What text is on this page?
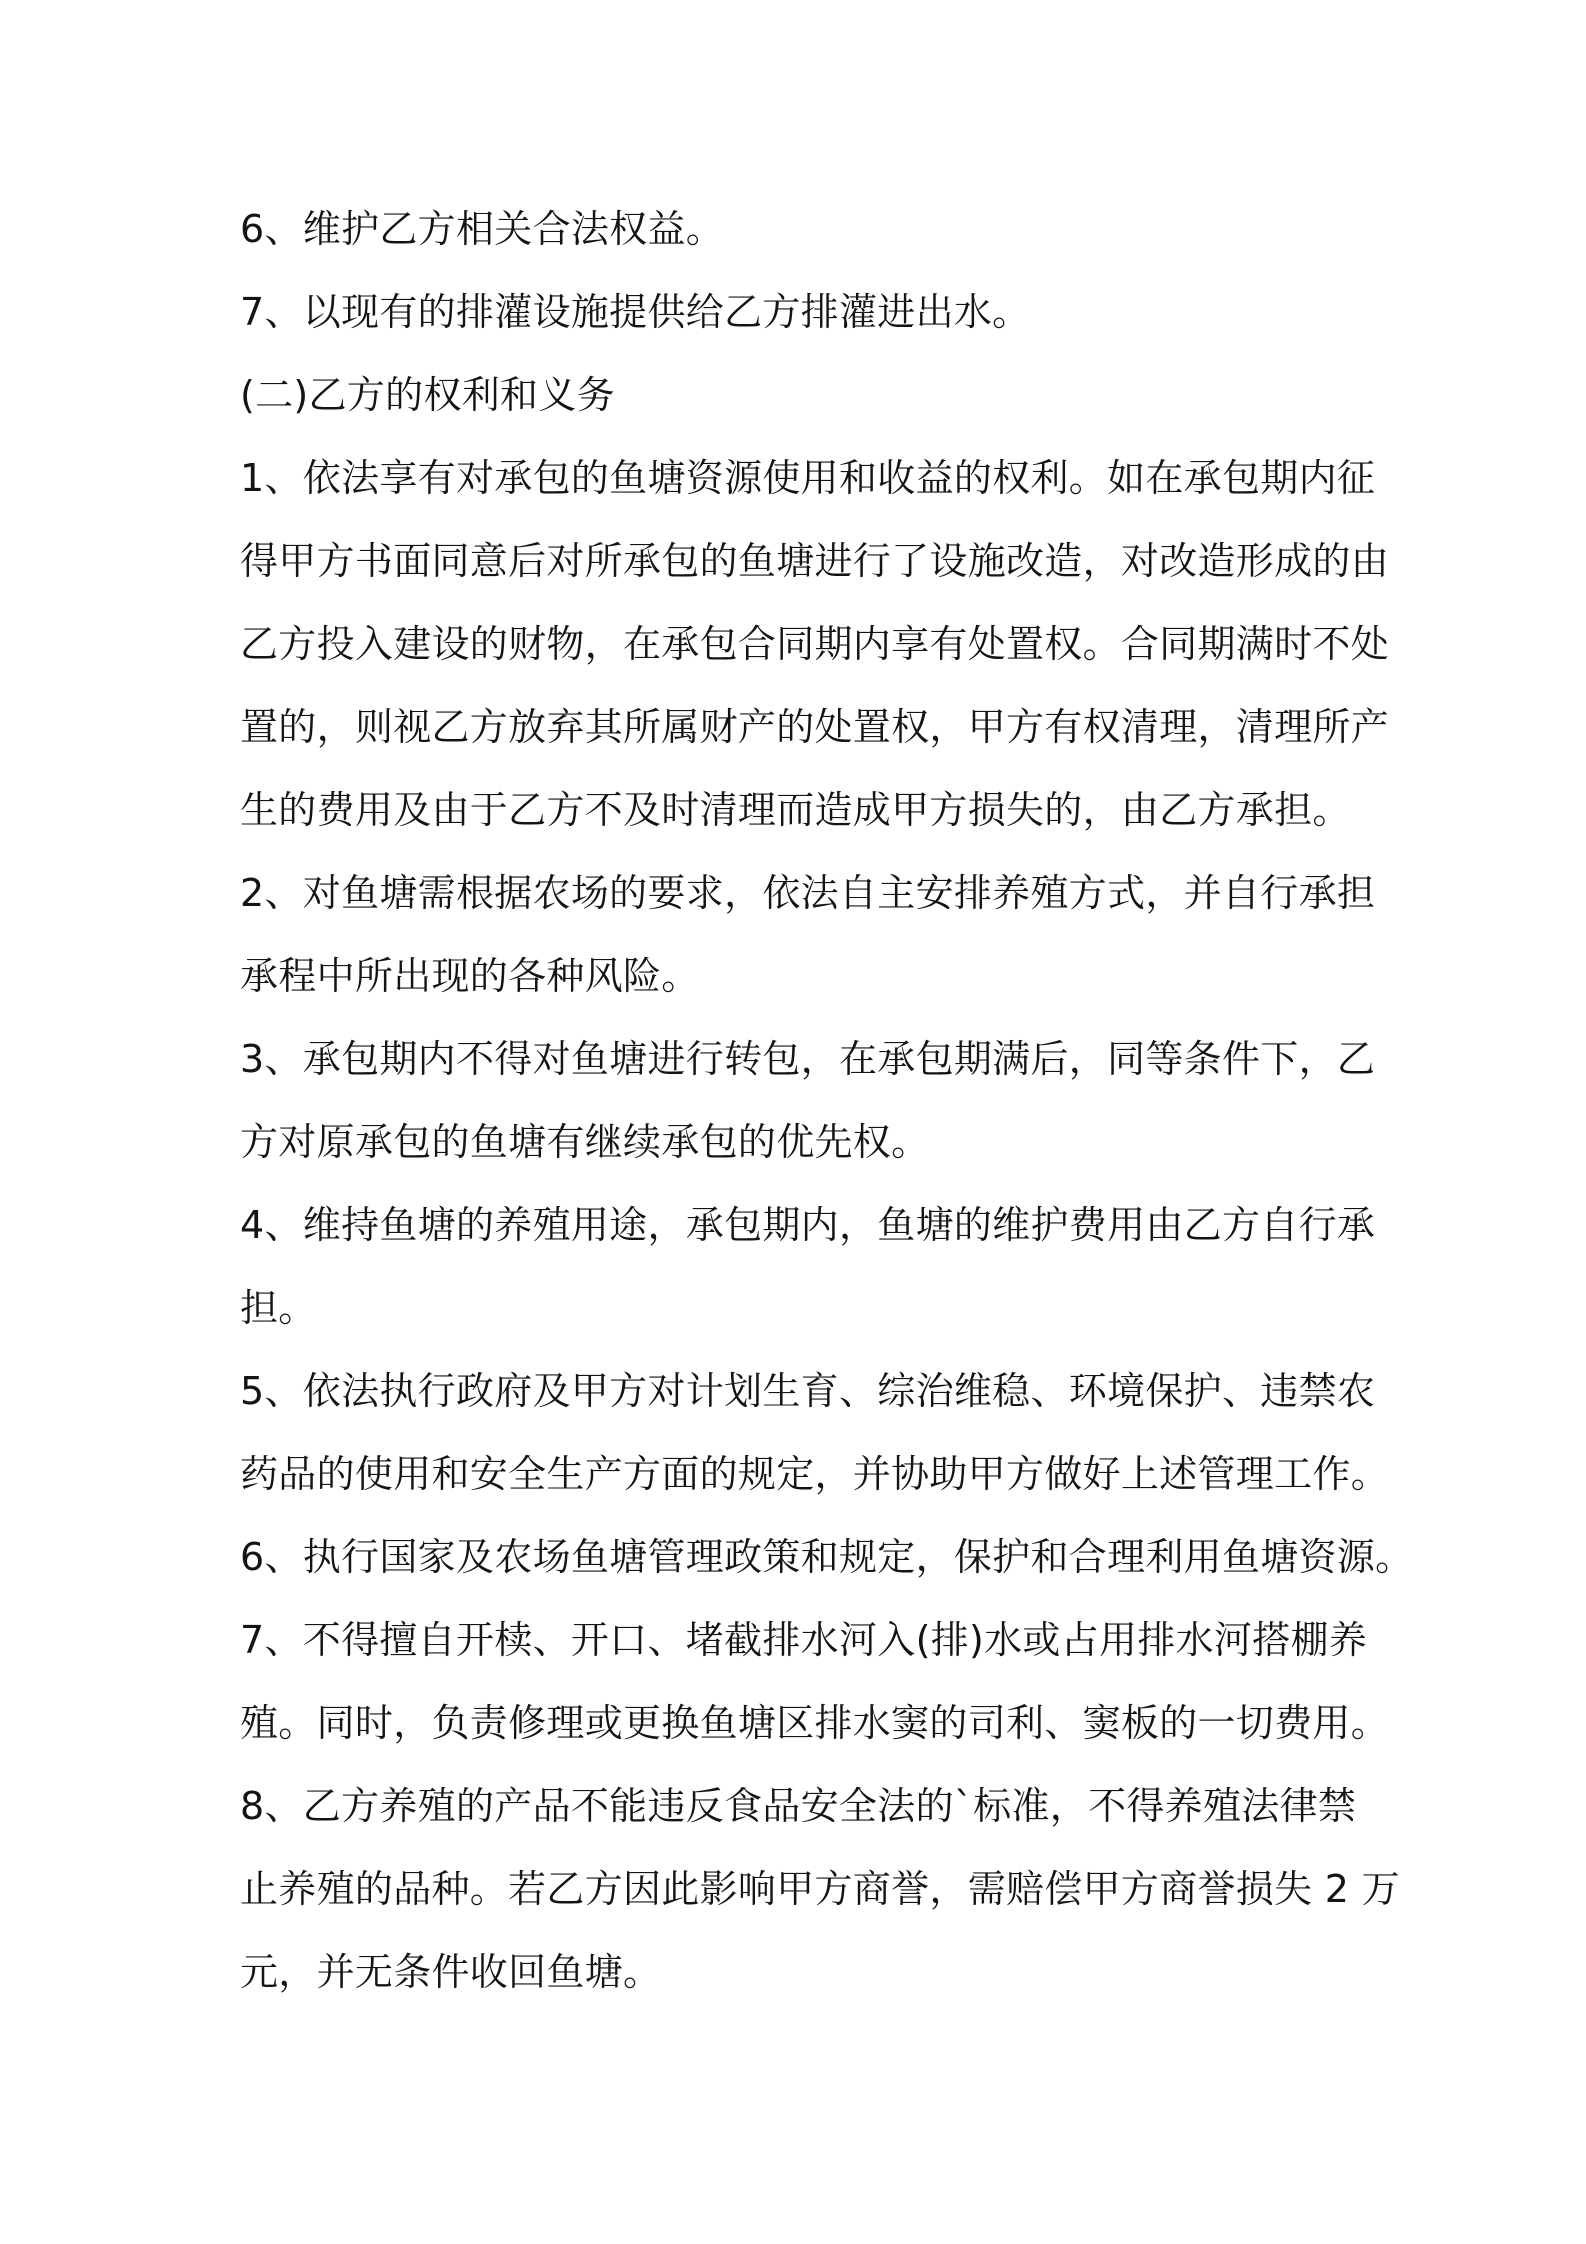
6、维护乙方相关合法权益。
7、以现有的排灌设施提供给乙方排灌进出水。
(二)乙方的权利和义务
1、依法享有对承包的鱼塘资源使用和收益的权利。如在承包期内征
得甲方书面同意后对所承包的鱼塘进行了设施改造，对改造形成的由
乙方投入建设的财物，在承包合同期内享有处置权。合同期满时不处
置的，则视乙方放弃其所属财产的处置权，甲方有权清理，清理所产
生的费用及由于乙方不及时清理而造成甲方损失的，由乙方承担。
2、对鱼塘需根据农场的要求，依法自主安排养殖方式，并自行承担
承程中所出现的各种风险。
3、承包期内不得对鱼塘进行转包，在承包期满后，同等条件下，乙
方对原承包的鱼塘有继续承包的优先权。
4、维持鱼塘的养殖用途，承包期内，鱼塘的维护费用由乙方自行承
担。
5、依法执行政府及甲方对计划生育、综治维稳、环境保护、违禁农
药品的使用和安全生产方面的规定，并协助甲方做好上述管理工作。
6、执行国家及农场鱼塘管理政策和规定，保护和合理利用鱼塘资源。
7、不得擅自开椟、开口、堵截排水河入(排)水或占用排水河搭棚养
殖。同时，负责修理或更换鱼塘区排水窦的司利、窦板的一切费用。
8、乙方养殖的产品不能违反食品安全法的`标准，不得养殖法律禁
止养殖的品种。若乙方因此影响甲方商誉，需赔偿甲方商誉损失 2 万
元，并无条件收回鱼塘。
